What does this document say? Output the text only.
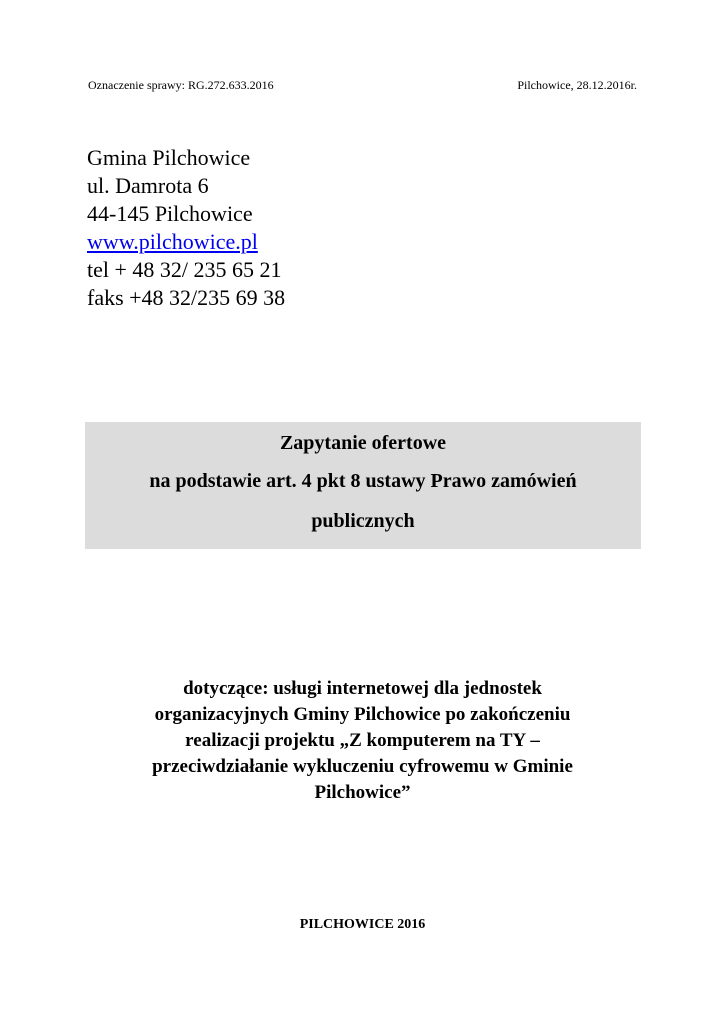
Oznaczenie sprawy: RG.272.633.2016	Pilchowice, 28.12.2016r.
Gmina Pilchowice
ul. Damrota 6
44-145 Pilchowice
www.pilchowice.pl
tel + 48 32/ 235 65 21
faks +48 32/235 69 38
Zapytanie ofertowe
na podstawie art. 4 pkt 8 ustawy Prawo zamówień
publicznych
dotyczące: usługi internetowej dla jednostek
organizacyjnych Gminy Pilchowice po zakończeniu
realizacji projektu „Z komputerem na TY –
przeciwdziałanie wykluczeniu cyfrowemu w Gminie
Pilchowice”
PILCHOWICE 2016
